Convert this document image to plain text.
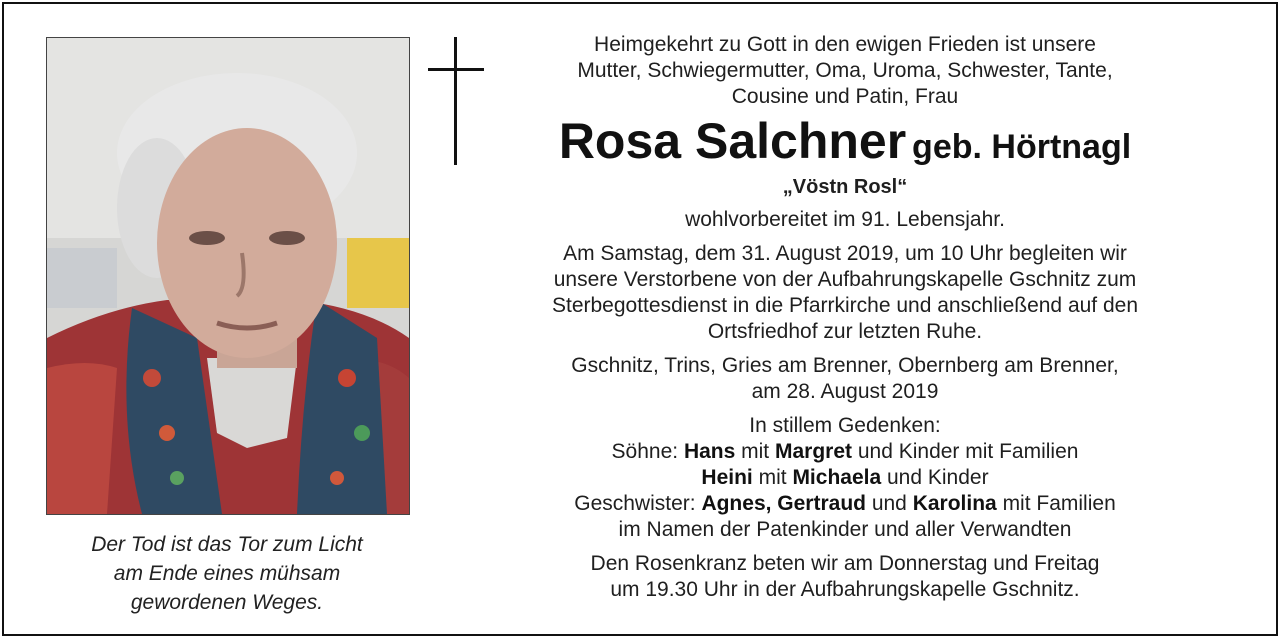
Der Tod ist das Tor zum Licht
am Ende eines mühsam
gewordenen Weges.
Heimgekehrt zu Gott in den ewigen Frieden ist unsere
Mutter, Schwiegermutter, Oma, Uroma, Schwester, Tante,
Cousine und Patin, Frau
Rosa Salchner geb. Hörtnagl
„Vöstn Rosl“
wohlvorbereitet im 91. Lebensjahr.
Am Samstag, dem 31. August 2019, um 10 Uhr begleiten wir
unsere Verstorbene von der Aufbahrungskapelle Gschnitz zum
Sterbegottesdienst in die Pfarrkirche und anschließend auf den
Ortsfriedhof zur letzten Ruhe.
Gschnitz, Trins, Gries am Brenner, Obernberg am Brenner,
am 28. August 2019
In stillem Gedenken:
Söhne: Hans mit Margret und Kinder mit Familien
Heini mit Michaela und Kinder
Geschwister: Agnes, Gertraud und Karolina mit Familien
im Namen der Patenkinder und aller Verwandten
Den Rosenkranz beten wir am Donnerstag und Freitag
um 19.30 Uhr in der Aufbahrungskapelle Gschnitz.
